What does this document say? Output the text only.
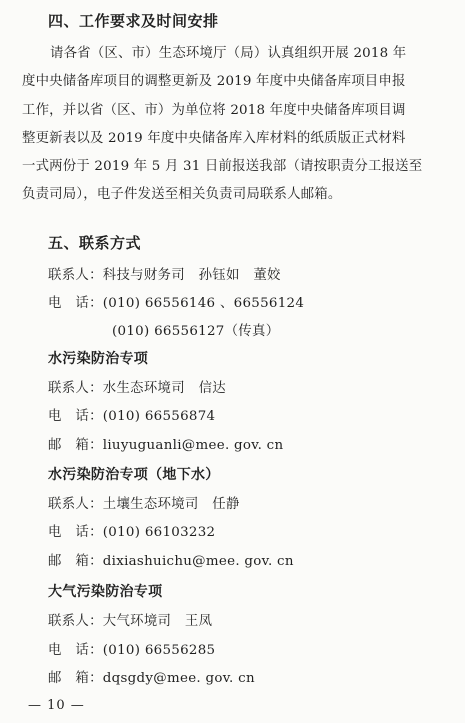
四、工作要求及时间安排
请各省（区、市）生态环境厅（局）认真组织开展 2018 年
度中央储备库项目的调整更新及 2019 年度中央储备库项目申报
工作，并以省（区、市）为单位将 2018 年度中央储备库项目调
整更新表以及 2019 年度中央储备库入库材料的纸质版正式材料
一式两份于 2019 年 5 月 31 日前报送我部（请按职责分工报送至
负责司局），电子件发送至相关负责司局联系人邮箱。
五、联系方式
联系人：科技与财务司　孙钰如　董姣
电　话：(010) 66556146 、66556124
(010) 66556127（传真）
水污染防治专项
联系人：水生态环境司　信达
电　话：(010) 66556874
邮　箱：liuyuguanli@mee. gov. cn
水污染防治专项（地下水）
联系人：土壤生态环境司　任静
电　话：(010) 66103232
邮　箱：dixiashuichu@mee. gov. cn
大气污染防治专项
联系人：大气环境司　王凤
电　话：(010) 66556285
邮　箱：dqsgdy@mee. gov. cn
— 10 —
